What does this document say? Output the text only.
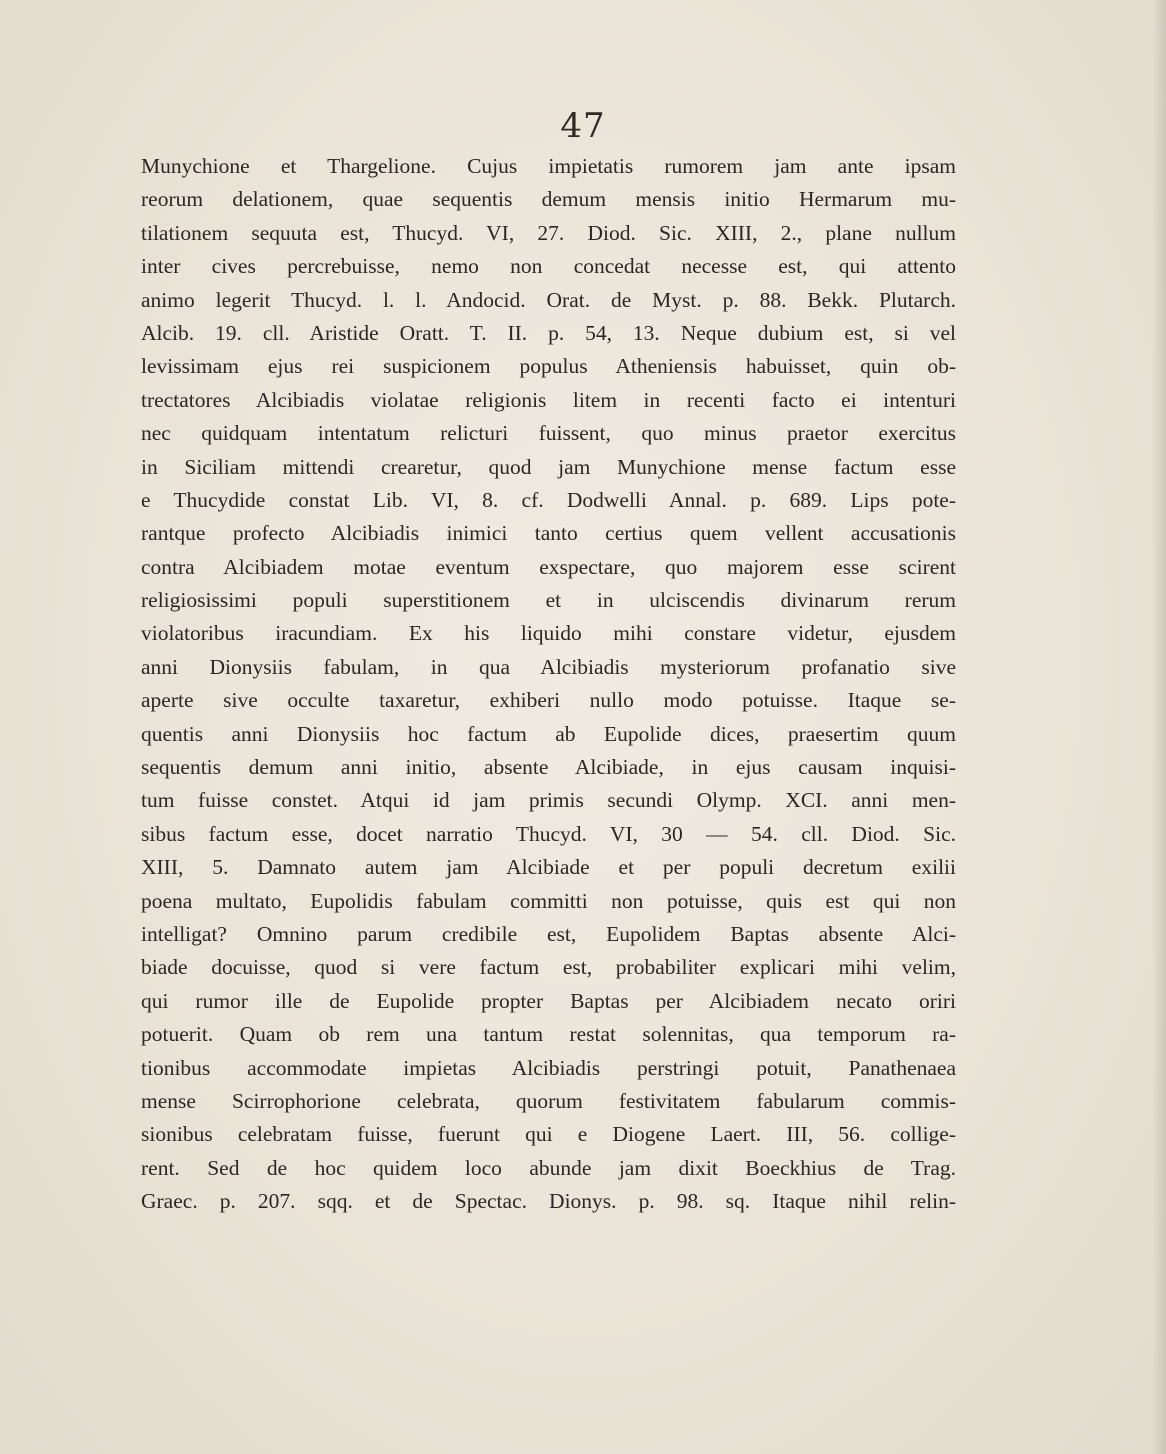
47
Munychione et Thargelione. Cujus impietatis rumorem jam ante ipsam
reorum delationem, quae sequentis demum mensis initio Hermarum mu-
tilationem sequuta est, Thucyd. VI, 27. Diod. Sic. XIII, 2., plane nullum
inter cives percrebuisse, nemo non concedat necesse est, qui attento
animo legerit Thucyd. l. l. Andocid. Orat. de Myst. p. 88. Bekk. Plutarch.
Alcib. 19. cll. Aristide Oratt. T. II. p. 54, 13. Neque dubium est, si vel
levissimam ejus rei suspicionem populus Atheniensis habuisset, quin ob-
trectatores Alcibiadis violatae religionis litem in recenti facto ei intenturi
nec quidquam intentatum relicturi fuissent, quo minus praetor exercitus
in Siciliam mittendi crearetur, quod jam Munychione mense factum esse
e Thucydide constat Lib. VI, 8. cf. Dodwelli Annal. p. 689. Lips pote-
rantque profecto Alcibiadis inimici tanto certius quem vellent accusationis
contra Alcibiadem motae eventum exspectare, quo majorem esse scirent
religiosissimi populi superstitionem et in ulciscendis divinarum rerum
violatoribus iracundiam. Ex his liquido mihi constare videtur, ejusdem
anni Dionysiis fabulam, in qua Alcibiadis mysteriorum profanatio sive
aperte sive occulte taxaretur, exhiberi nullo modo potuisse. Itaque se-
quentis anni Dionysiis hoc factum ab Eupolide dices, praesertim quum
sequentis demum anni initio, absente Alcibiade, in ejus causam inquisi-
tum fuisse constet. Atqui id jam primis secundi Olymp. XCI. anni men-
sibus factum esse, docet narratio Thucyd. VI, 30 — 54. cll. Diod. Sic.
XIII, 5. Damnato autem jam Alcibiade et per populi decretum exilii
poena multato, Eupolidis fabulam committi non potuisse, quis est qui non
intelligat? Omnino parum credibile est, Eupolidem Baptas absente Alci-
biade docuisse, quod si vere factum est, probabiliter explicari mihi velim,
qui rumor ille de Eupolide propter Baptas per Alcibiadem necato oriri
potuerit. Quam ob rem una tantum restat solennitas, qua temporum ra-
tionibus accommodate impietas Alcibiadis perstringi potuit, Panathenaea
mense Scirrophorione celebrata, quorum festivitatem fabularum commis-
sionibus celebratam fuisse, fuerunt qui e Diogene Laert. III, 56. collige-
rent. Sed de hoc quidem loco abunde jam dixit Boeckhius de Trag.
Graec. p. 207. sqq. et de Spectac. Dionys. p. 98. sq. Itaque nihil relin-
